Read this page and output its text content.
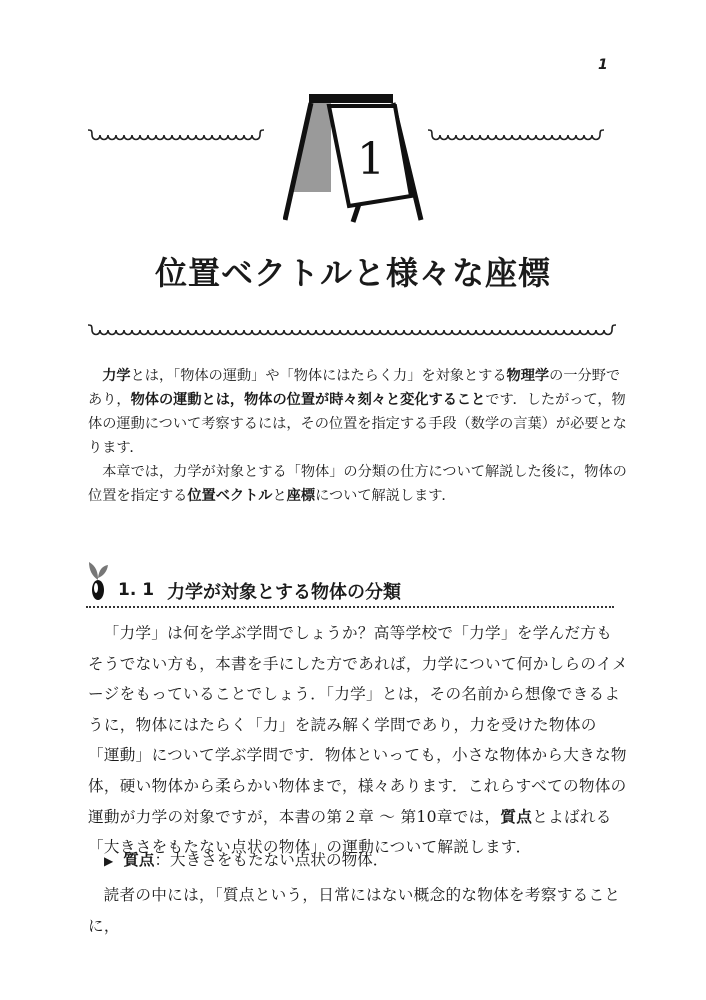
1
1
位置ベクトルと様々な座標

力学とは，「物体の運動」や「物体にはたらく力」を対象とする物理学の一分野であり，物体の運動とは，物体の位置が時々刻々と変化することです．したがって，物体の運動について考察するには，その位置を指定する手段（数学の言葉）が必要となります．

本章では，力学が対象とする「物体」の分類の仕方について解説した後に，物体の位置を指定する位置ベクトルと座標について解説します．

1. 1 力学が対象とする物体の分類

「力学」は何を学ぶ学問でしょうか？高等学校で「力学」を学んだ方もそうでない方も，本書を手にした方であれば，力学について何かしらのイメージをもっていることでしょう．「力学」とは，その名前から想像できるように，物体にはたらく「力」を読み解く学問であり，力を受けた物体の「運動」について学ぶ学問です．物体といっても，小さな物体から大きな物体，硬い物体から柔らかい物体まで，様々あります．これらすべての物体の運動が力学の対象ですが，本書の第２章 ～ 第10章では，質点とよばれる「大きさをもたない点状の物体」の運動について解説します．

▶ 質点：大きさをもたない点状の物体．

読者の中には，「質点という，日常にはない概念的な物体を考察することに，
